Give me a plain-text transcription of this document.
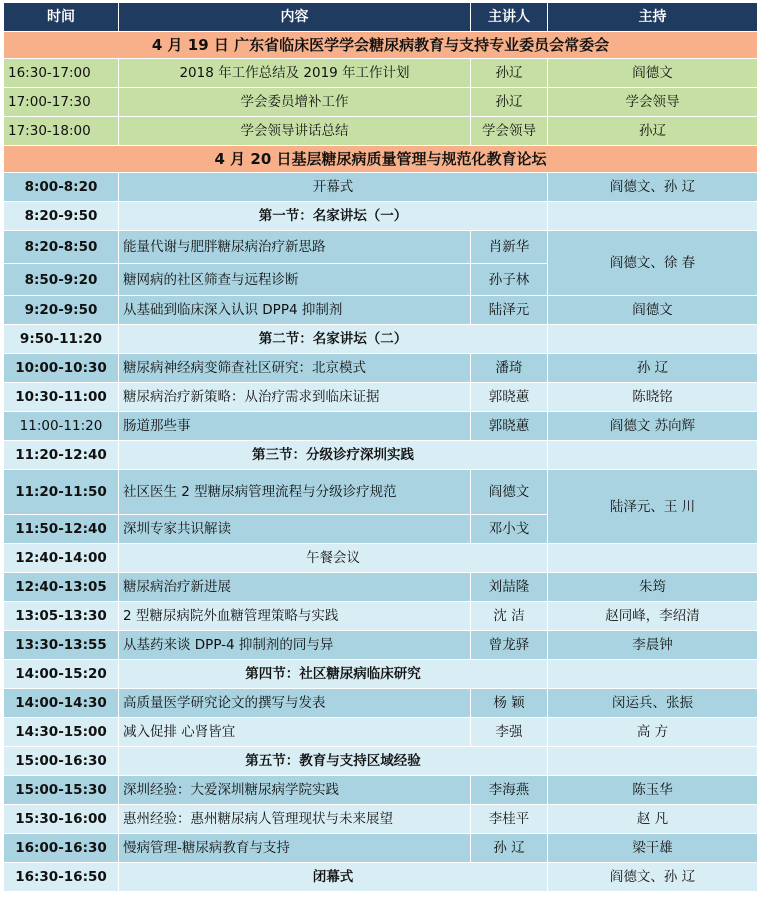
时间	内容	主讲人	主持
4 月 19 日 广东省临床医学学会糖尿病教育与支持专业委员会常委会			
16:30-17:00	2018 年工作总结及 2019 年工作计划	孙辽	阎德文
17:00-17:30	学会委员增补工作	孙辽	学会领导
17:30-18:00	学会领导讲话总结	学会领导	孙辽
4 月 20 日基层糖尿病质量管理与规范化教育论坛			
8:00-8:20	开幕式		阎德文、孙 辽
8:20-9:50	第一节：名家讲坛（一）		
8:20-8:50	能量代谢与肥胖糖尿病治疗新思路	肖新华	阎德文、徐 春
8:50-9:20	糖网病的社区筛查与远程诊断	孙子林	
9:20-9:50	从基础到临床深入认识 DPP4 抑制剂	陆泽元	阎德文
9:50-11:20	第二节：名家讲坛（二）		
10:00-10:30	糖尿病神经病变筛查社区研究：北京模式	潘琦	孙 辽
10:30-11:00	糖尿病治疗新策略：从治疗需求到临床证据	郭晓蕙	陈晓铭
11:00-11:20	肠道那些事	郭晓蕙	阎德文 苏向辉
11:20-12:40	第三节：分级诊疗深圳实践		
11:20-11:50	社区医生 2 型糖尿病管理流程与分级诊疗规范	阎德文	陆泽元、王 川
11:50-12:40	深圳专家共识解读	邓小戈	
12:40-14:00	午餐会议		
12:40-13:05	糖尿病治疗新进展	刘喆隆	朱筠
13:05-13:30	2 型糖尿病院外血糖管理策略与实践	沈 洁	赵同峰，李绍清
13:30-13:55	从基药来谈 DPP-4 抑制剂的同与异	曾龙驿	李晨钟
14:00-15:20	第四节：社区糖尿病临床研究		
14:00-14:30	高质量医学研究论文的撰写与发表	杨 颖	闵运兵、张振
14:30-15:00	减入促排 心肾皆宜	李强	高 方
15:00-16:30	第五节：教育与支持区域经验		
15:00-15:30	深圳经验：大爱深圳糖尿病学院实践	李海燕	陈玉华
15:30-16:00	惠州经验：惠州糖尿病人管理现状与未来展望	李桂平	赵 凡
16:00-16:30	慢病管理-糖尿病教育与支持	孙 辽	梁干雄
16:30-16:50	闭幕式		阎德文、孙 辽
